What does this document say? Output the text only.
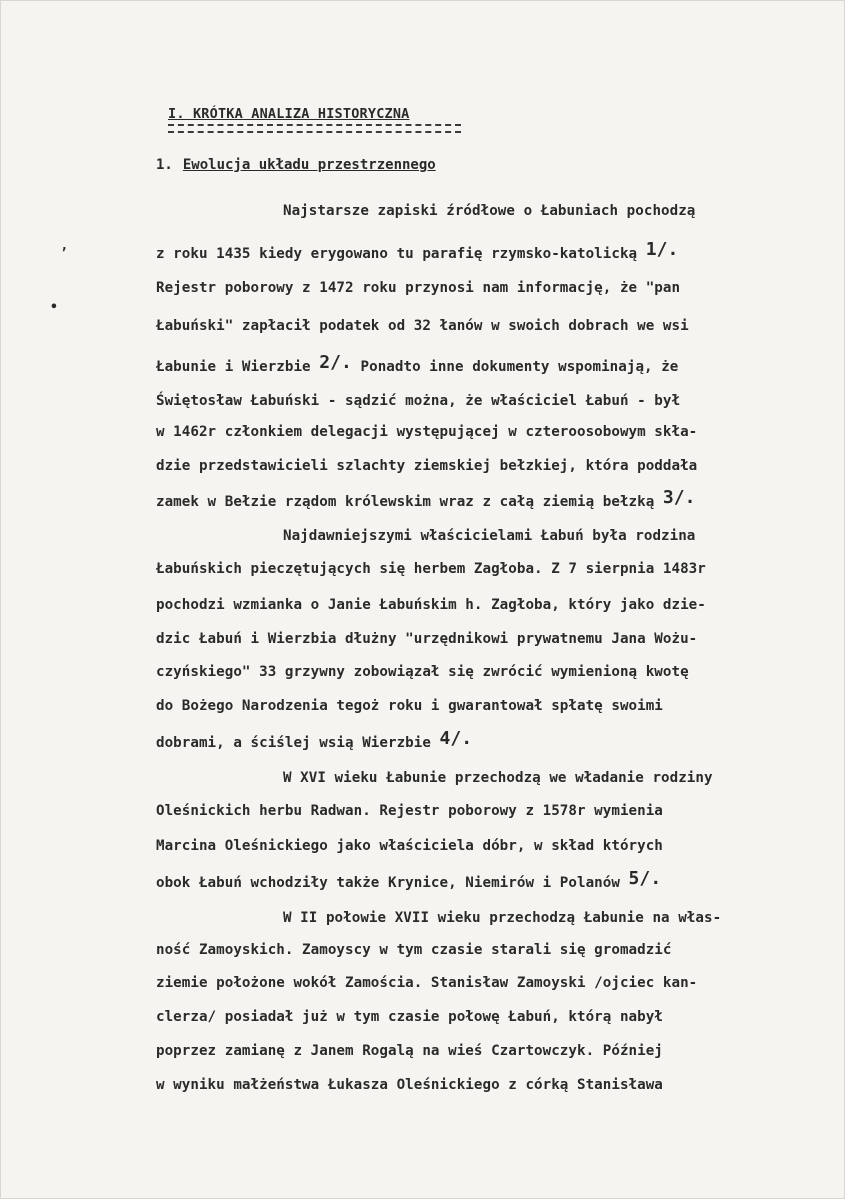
I. KRÓTKA ANALIZA HISTORYCZNA
1. Ewolucja układu przestrzennego
’
•
Najstarsze zapiski źródłowe o Łabuniach pochodzą
z roku 1435 kiedy erygowano tu parafię rzymsko-katolicką 1/.
Rejestr poborowy z 1472 roku przynosi nam informację, że "pan
Łabuński" zapłacił podatek od 32 łanów w swoich dobrach we wsi
Łabunie i Wierzbie 2/. Ponadto inne dokumenty wspominają, że
Świętosław Łabuński - sądzić można, że właściciel Łabuń - był
w 1462r członkiem delegacji występującej w czteroosobowym skła-
dzie przedstawicieli szlachty ziemskiej bełzkiej, która poddała
zamek w Bełzie rządom królewskim wraz z całą ziemią bełzką 3/.
Najdawniejszymi właścicielami Łabuń była rodzina
Łabuńskich pieczętujących się herbem Zagłoba. Z 7 sierpnia 1483r
pochodzi wzmianka o Janie Łabuńskim h. Zagłoba, który jako dzie-
dzic Łabuń i Wierzbia dłużny "urzędnikowi prywatnemu Jana Wożu-
czyńskiego" 33 grzywny zobowiązał się zwrócić wymienioną kwotę
do Bożego Narodzenia tegoż roku i gwarantował spłatę swoimi
dobrami, a ściślej wsią Wierzbie 4/.
W XVI wieku Łabunie przechodzą we władanie rodziny
Oleśnickich herbu Radwan. Rejestr poborowy z 1578r wymienia
Marcina Oleśnickiego jako właściciela dóbr, w skład których
obok Łabuń wchodziły także Krynice, Niemirów i Polanów 5/.
W II połowie XVII wieku przechodzą Łabunie na włas-
ność Zamoyskich. Zamoyscy w tym czasie starali się gromadzić
ziemie położone wokół Zamościa. Stanisław Zamoyski /ojciec kan-
clerza/ posiadał już w tym czasie połowę Łabuń, którą nabył
poprzez zamianę z Janem Rogalą na wieś Czartowczyk. Później
w wyniku małżeństwa Łukasza Oleśnickiego z córką Stanisława
